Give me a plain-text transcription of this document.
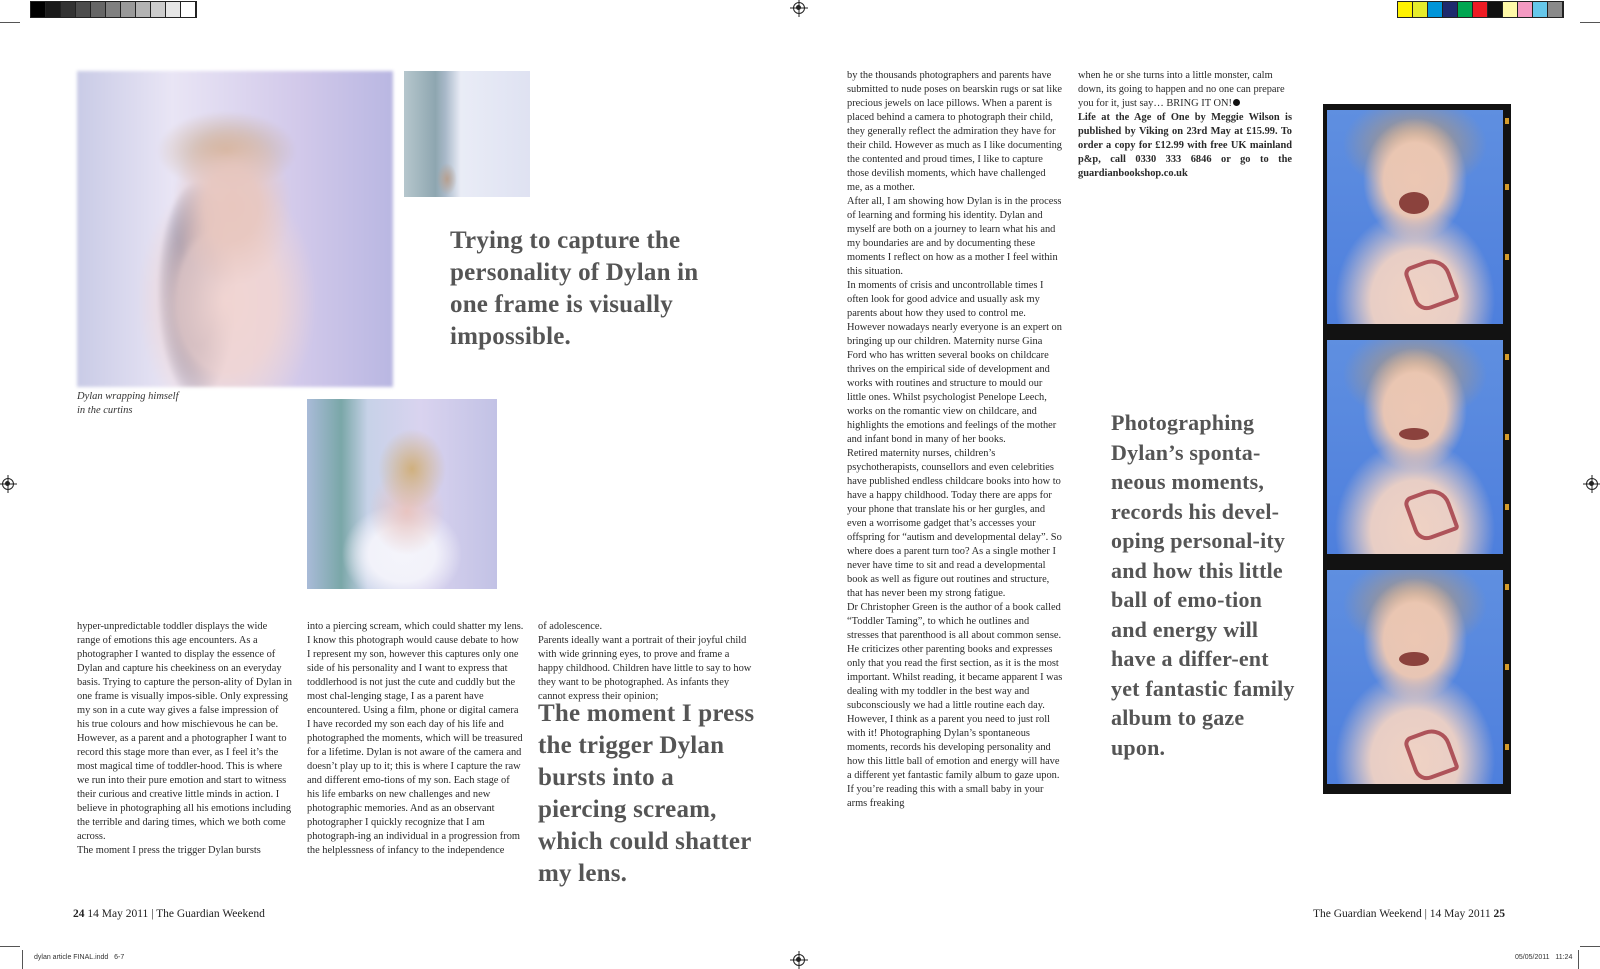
Dylan wrapping himself
in the curtins
Trying to capture the personality of Dylan in one frame is visually impossible.
The moment I press the trigger Dylan bursts into a piercing scream, which could shatter my lens.
Photographing Dylan’s sponta-neous moments, records his devel-oping personal-ity and how this little ball of emo-tion and energy will have a differ-ent yet fantastic family album to gaze upon.

hyper-unpredictable toddler displays the wide range of emotions this age encounters. As a photographer I wanted to display the essence of Dylan and capture his cheekiness on an everyday basis. Trying to capture the person-ality of Dylan in one frame is visually impos-sible. Only expressing my son in a cute way gives a false impression of his true colours and how mischievous he can be.

However, as a parent and a photographer I want to record this stage more than ever, as I feel it’s the most magical time of toddler-hood. This is where we run into their pure emotion and start to witness their curious and creative little minds in action. I believe in photographing all his emotions including the terrible and daring times, which we both come across.

The moment I press the trigger Dylan bursts

into a piercing scream, which could shatter my lens. I know this photograph would cause debate to how I represent my son, however this captures only one side of his personality and I want to express that toddlerhood is not just the cute and cuddly but the most chal-lenging stage, I as a parent have encountered. Using a film, phone or digital camera I have recorded my son each day of his life and photographed the moments, which will be treasured for a lifetime. Dylan is not aware of the camera and doesn’t play up to it; this is where I capture the raw and different emo-tions of my son. Each stage of his life embarks on new challenges and new photographic memories. And as an observant photographer I quickly recognize that I am photograph-ing an individual in a progression from the helplessness of infancy to the independence

of adolescence.

Parents ideally want a portrait of their joyful child with wide grinning eyes, to prove and frame a happy childhood. Children have little to say to how they want to be photographed. As infants they cannot express their opinion;

by the thousands photographers and parents have submitted to nude poses on bearskin rugs or sat like precious jewels on lace pillows. When a parent is placed behind a camera to photograph their child, they generally reflect the admiration they have for their child. However as much as I like documenting the contented and proud times, I like to capture those devilish moments, which have challenged me, as a mother.

After all, I am showing how Dylan is in the process of learning and forming his identity. Dylan and myself are both on a journey to learn what his and my boundaries are and by documenting these moments I reflect on how as a mother I feel within this situation.

In moments of crisis and uncontrollable times I often look for good advice and usually ask my parents about how they used to control me. However nowadays nearly everyone is an expert on bringing up our children. Maternity nurse Gina Ford who has written several books on childcare thrives on the empirical side of development and works with routines and structure to mould our little ones. Whilst psychologist Penelope Leech, works on the romantic view on childcare, and highlights the emotions and feelings of the mother and infant bond in many of her books.

Retired maternity nurses, children’s psychotherapists, counsellors and even celebrities have published endless childcare books into how to have a happy childhood. Today there are apps for your phone that translate his or her gurgles, and even a worrisome gadget that’s accesses your offspring for “autism and developmental delay”. So where does a parent turn too? As a single mother I never have time to sit and read a developmental book as well as figure out routines and structure, that has never been my strong fatigue.

Dr Christopher Green is the author of a book called “Toddler Taming”, to which he outlines and stresses that parenthood is all about common sense. He criticizes other parenting books and expresses only that you read the first section, as it is the most important. Whilst reading, it became apparent I was dealing with my toddler in the best way and subconsciously we had a little routine each day. However, I think as a parent you need to just roll with it! Photographing Dylan’s spontaneous moments, records his developing personality and how this little ball of emotion and energy will have a different yet fantastic family album to gaze upon. If you’re reading this with a small baby in your arms freaking

when he or she turns into a little monster, calm down, its going to happen and no one can prepare you for it, just say… BRING IT ON!

Life at the Age of One by Meggie Wilson is published by Viking on 23rd May at £15.99. To order a copy for £12.99 with free UK mainland p&p, call 0330 333 6846 or go to the guardianbookshop.co.uk

24 14 May 2011 | The Guardian Weekend	The Guardian Weekend | 14 May 2011 25
dylan article FINAL.indd   6-7	05/05/2011   11:24
